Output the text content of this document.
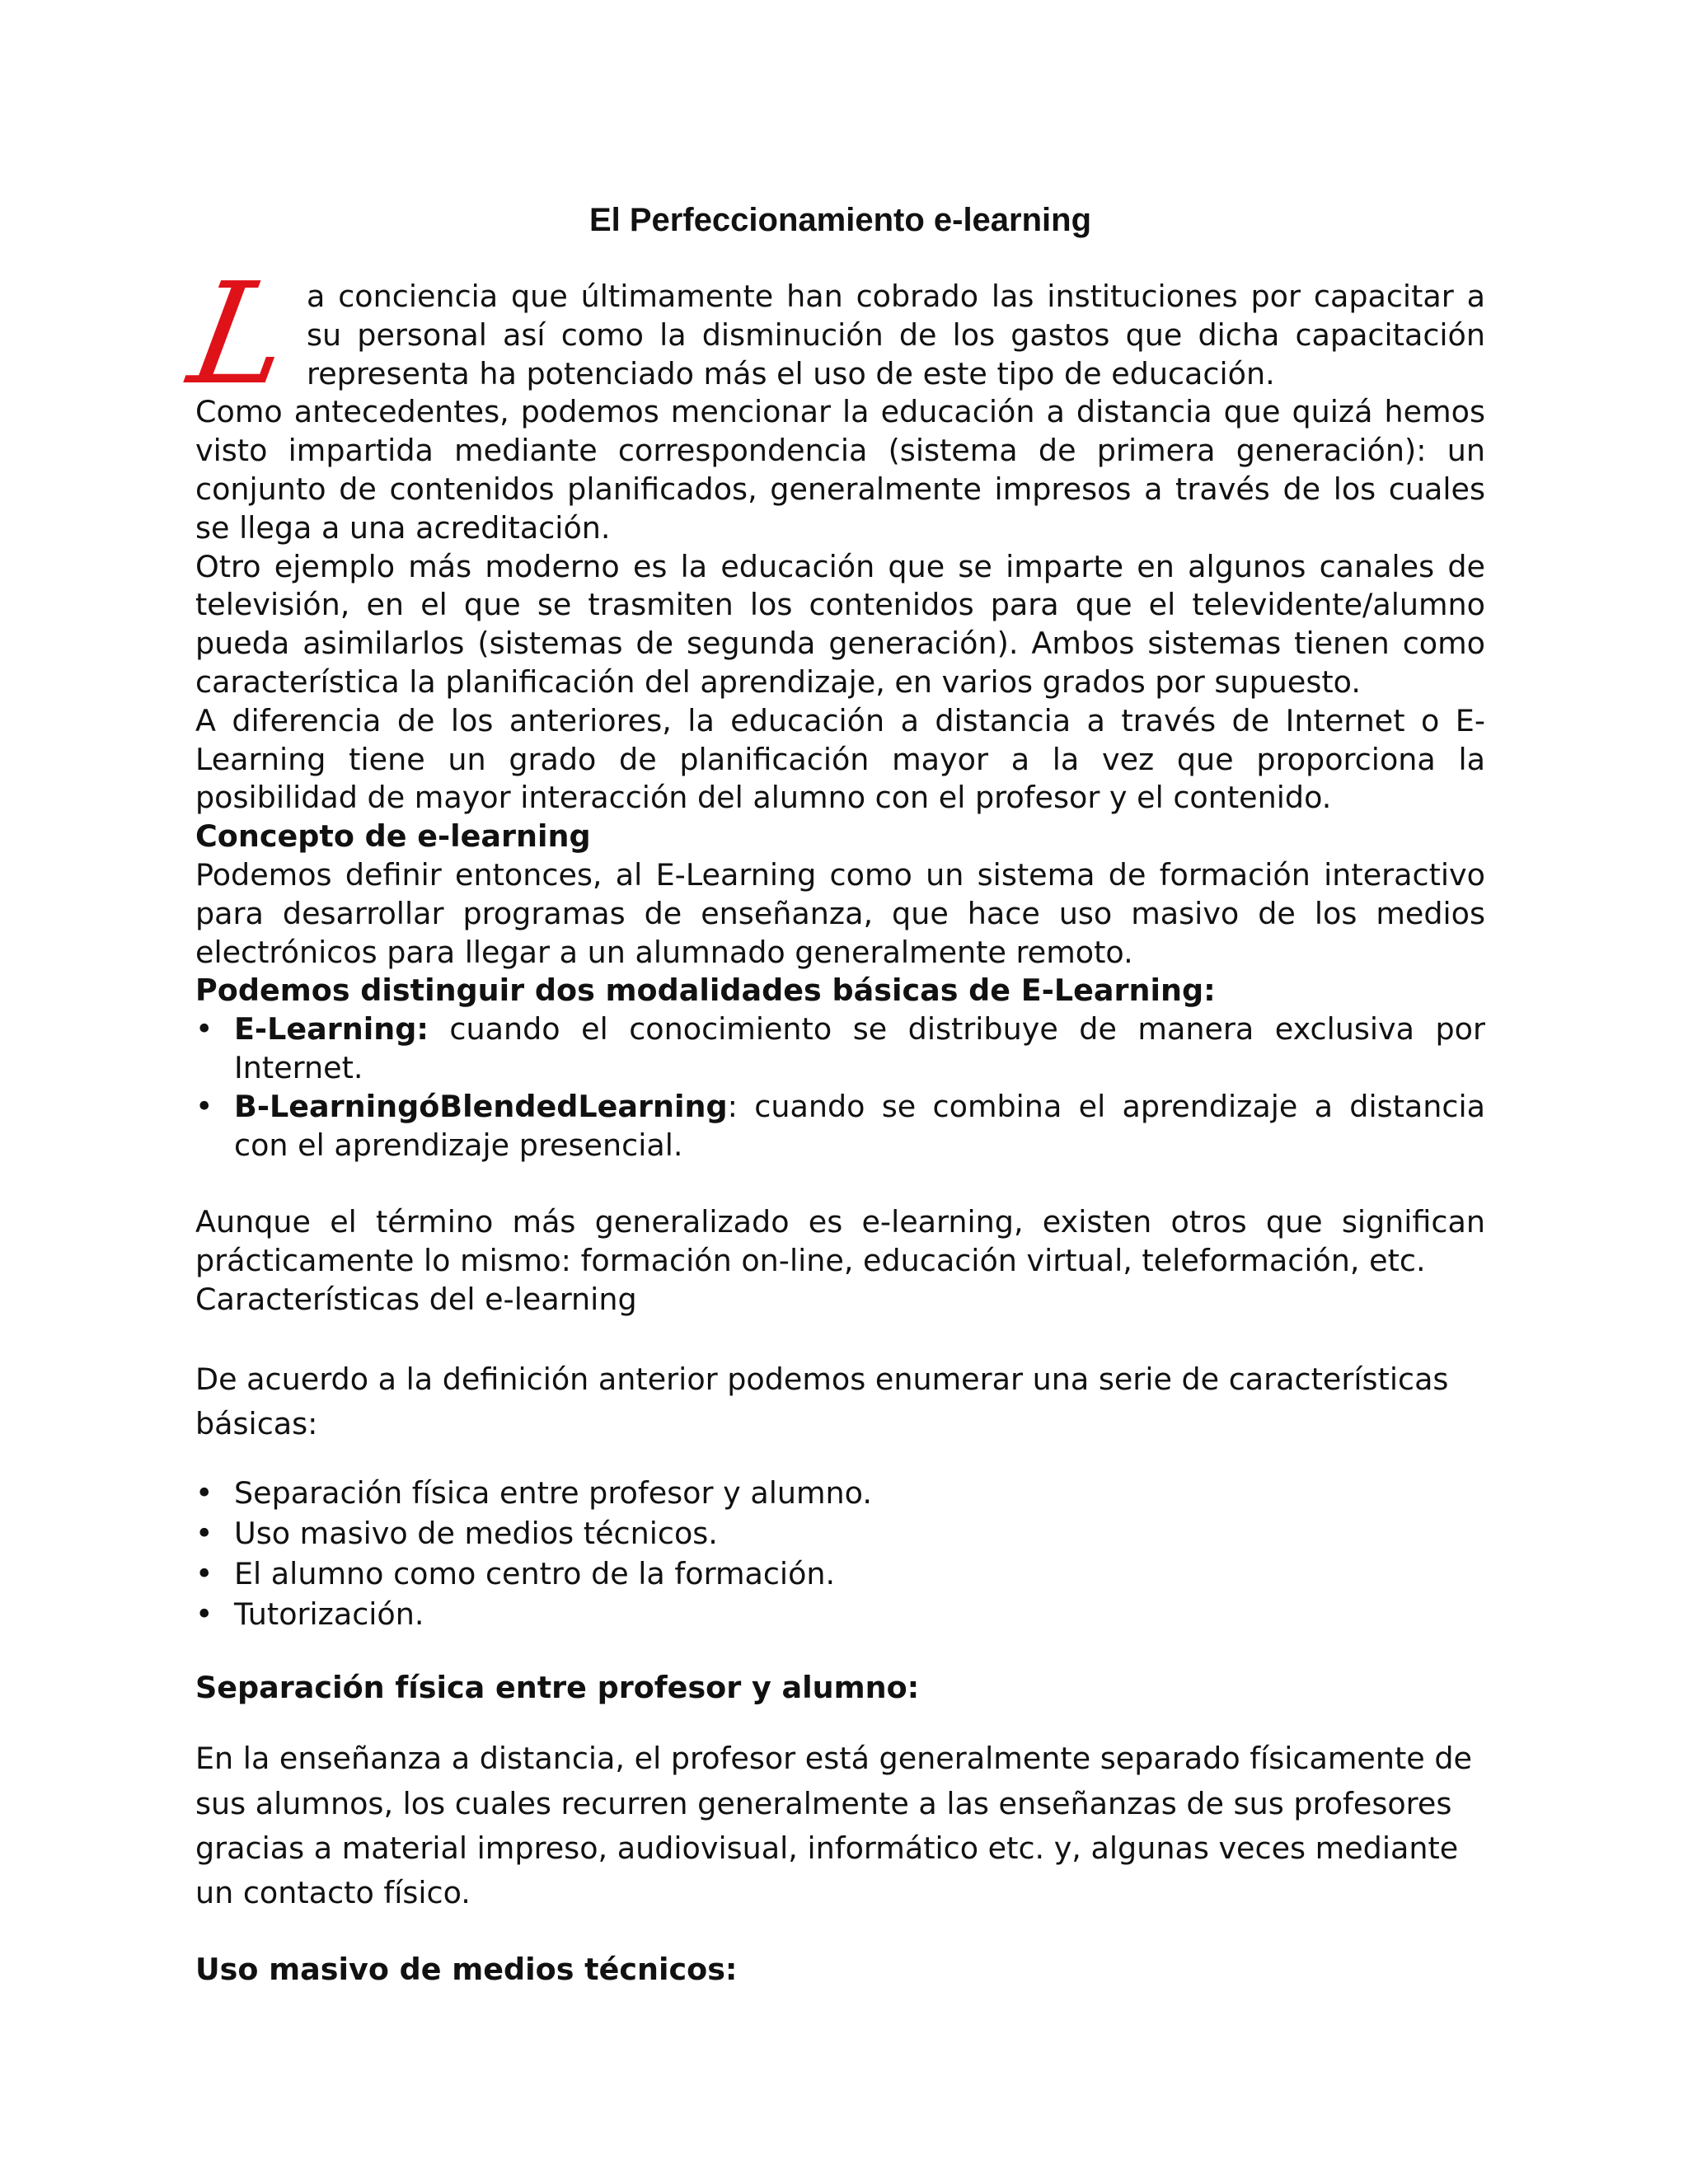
El Perfeccionamiento e-learning
L a conciencia que últimamente han cobrado las instituciones por capacitar a su personal así como la disminución de los gastos que dicha capacitación representa ha potenciado más el uso de este tipo de educación.

Como antecedentes, podemos mencionar la educación a distancia que quizá hemos visto impartida mediante correspondencia (sistema de primera generación): un conjunto de contenidos planificados, generalmente impresos a través de los cuales se llega a una acreditación.

Otro ejemplo más moderno es la educación que se imparte en algunos canales de televisión, en el que se trasmiten los contenidos para que el televidente/alumno pueda asimilarlos (sistemas de segunda generación). Ambos sistemas tienen como característica la planificación del aprendizaje, en varios grados por supuesto.

A diferencia de los anteriores, la educación a distancia a través de Internet o E-Learning tiene un grado de planificación mayor a la vez que proporciona la posibilidad de mayor interacción del alumno con el profesor y el contenido.

Concepto de e-learning

Podemos definir entonces, al E-Learning como un sistema de formación interactivo para desarrollar programas de enseñanza, que hace uso masivo de los medios electrónicos para llegar a un alumnado generalmente remoto.

Podemos distinguir dos modalidades básicas de E-Learning:

• E-Learning: cuando el conocimiento se distribuye de manera exclusiva por Internet.
• B-LearningóBlendedLearning: cuando se combina el aprendizaje a distancia con el aprendizaje presencial.

Aunque el término más generalizado es e-learning, existen otros que significan prácticamente lo mismo: formación on-line, educación virtual, teleformación, etc.

Características del e-learning

De acuerdo a la definición anterior podemos enumerar una serie de características básicas:

• Separación física entre profesor y alumno.
• Uso masivo de medios técnicos.
• El alumno como centro de la formación.
• Tutorización.

Separación física entre profesor y alumno:

En la enseñanza a distancia, el profesor está generalmente separado físicamente de sus alumnos, los cuales recurren generalmente a las enseñanzas de sus profesores gracias a material impreso, audiovisual, informático etc. y, algunas veces mediante un contacto físico.

Uso masivo de medios técnicos:
